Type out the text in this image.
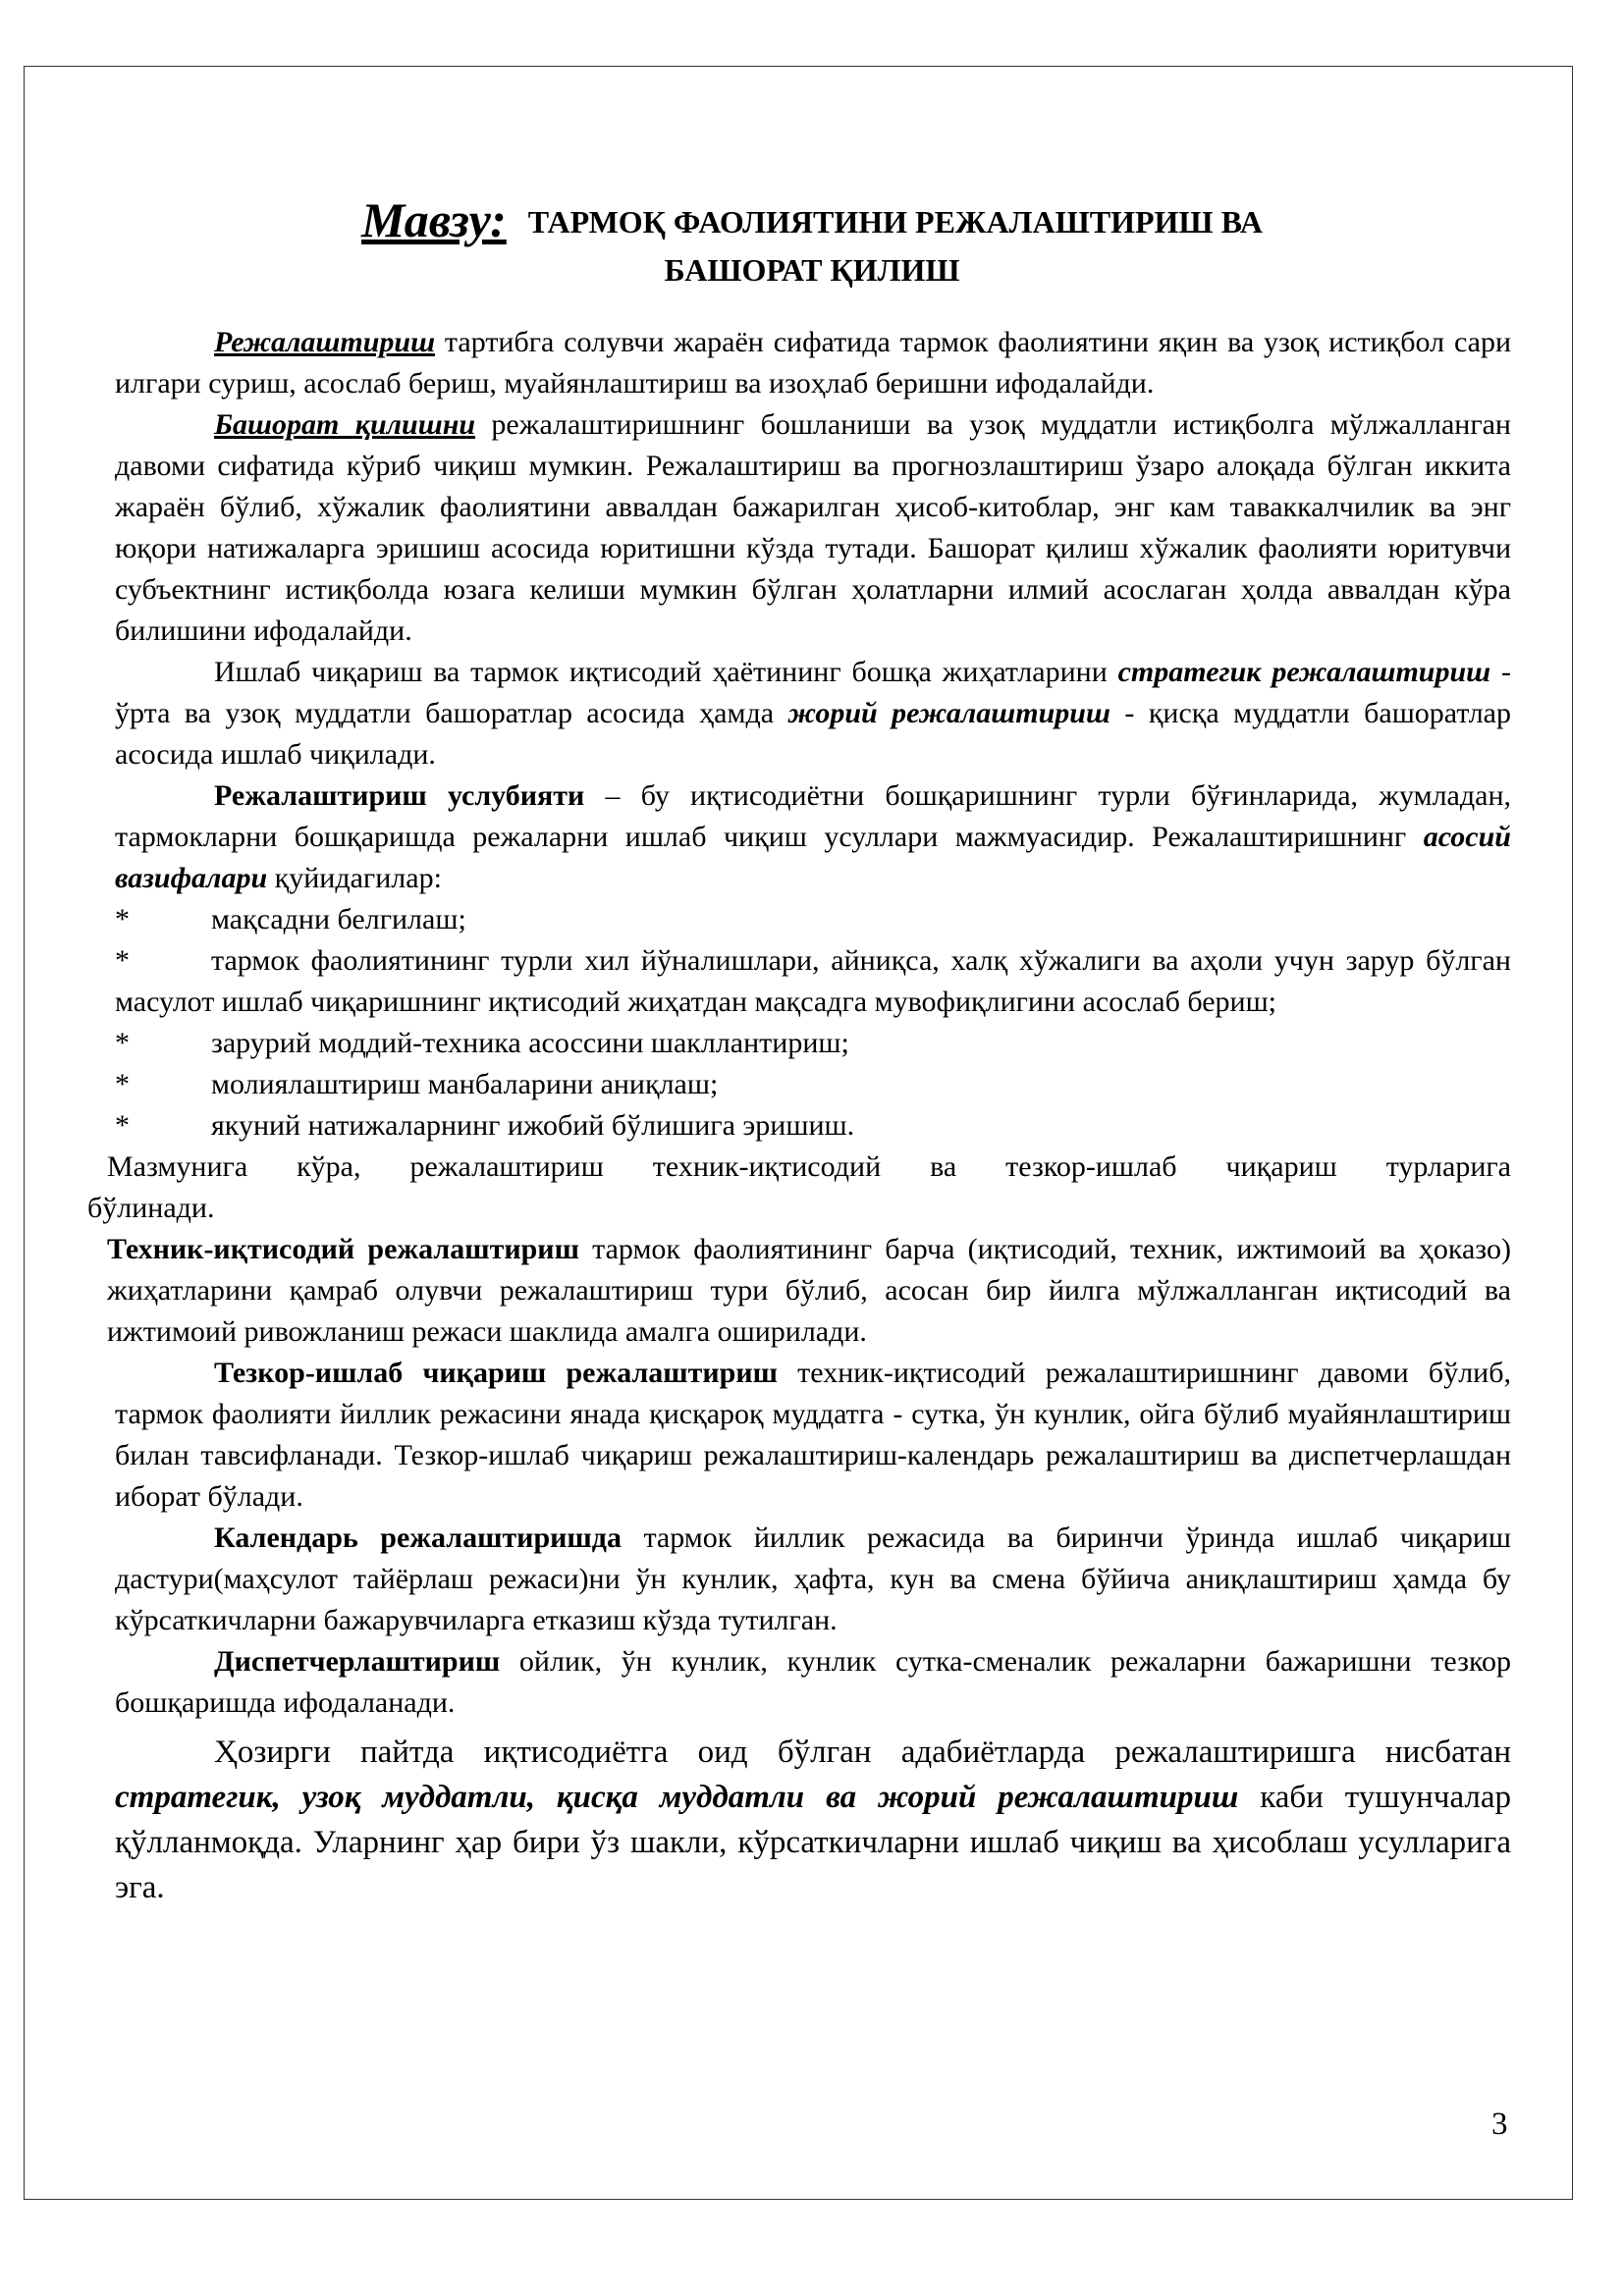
Мавзу: ТАРМОҚ ФАОЛИЯТИНИ РЕЖАЛАШТИРИШ ВА
БАШОРАТ ҚИЛИШ

Режалаштириш тартибга солувчи жараён сифатида тармок фаолиятини яқин ва узоқ истиқбол сари илгари суриш, асослаб бериш, муайянлаштириш ва изоҳлаб беришни ифодалайди.

Башорат қилишни режалаштиришнинг бошланиши ва узоқ муддатли истиқболга мўлжалланган давоми сифатида кўриб чиқиш мумкин. Режалаштириш ва прогнозлаштириш ўзаро алоқада бўлган иккита жараён бўлиб, хўжалик фаолиятини аввалдан бажарилган ҳисоб-китоблар, энг кам таваккалчилик ва энг юқори натижаларга эришиш асосида юритишни кўзда тутади. Башорат қилиш хўжалик фаолияти юритувчи субъектнинг истиқболда юзага келиши мумкин бўлган ҳолатларни илмий асослаган ҳолда аввалдан кўра билишини ифодалайди.

Ишлаб чиқариш ва тармок иқтисодий ҳаётининг бошқа жиҳатларини стратегик режалаштириш - ўрта ва узоқ муддатли башоратлар асосида ҳамда жорий режалаштириш - қисқа муддатли башоратлар асосида ишлаб чиқилади.

Режалаштириш услубияти – бу иқтисодиётни бошқаришнинг турли бўғинларида, жумладан, тармокларни бошқаришда режаларни ишлаб чиқиш усуллари мажмуасидир. Режалаштиришнинг асосий вазифалари қуйидагилар:

*	мақсадни белгилаш;

*	тармок фаолиятининг турли хил йўналишлари, айниқса, халқ хўжалиги ва аҳоли учун зарур бўлган масулот ишлаб чиқаришнинг иқтисодий жиҳатдан мақсадга мувофиқлигини асослаб бериш;

*	зарурий моддий-техника асоссини шакллантириш;
*	молиялаштириш манбаларини аниқлаш;
*	якуний натижаларнинг ижобий бўлишига эришиш.
Мазмунига кўра, режалаштириш техник-иқтисодий ва тезкор-ишлаб чиқариш турларига
бўлинади.

Техник-иқтисодий режалаштириш тармок фаолиятининг барча (иқтисодий, техник, ижтимоий ва ҳоказо) жиҳатларини қамраб олувчи режалаштириш тури бўлиб, асосан бир йилга мўлжалланган иқтисодий ва ижтимоий ривожланиш режаси шаклида амалга оширилади.

Тезкор-ишлаб чиқариш режалаштириш техник-иқтисодий режалаштиришнинг давоми бўлиб, тармок фаолияти йиллик режасини янада қисқароқ муддатга - сутка, ўн кунлик, ойга бўлиб муайянлаштириш билан тавсифланади. Тезкор-ишлаб чиқариш режалаштириш-календарь режалаштириш ва диспетчерлашдан иборат бўлади.

Календарь режалаштиришда тармок йиллик режасида ва биринчи ўринда ишлаб чиқариш дастури(маҳсулот тайёрлаш режаси)ни ўн кунлик, ҳафта, кун ва смена бўйича аниқлаштириш ҳамда бу кўрсаткичларни бажарувчиларга етказиш кўзда тутилган.

Диспетчерлаштириш ойлик, ўн кунлик, кунлик сутка-сменалик режаларни бажаришни тезкор бошқаришда ифодаланади.

Ҳозирги пайтда иқтисодиётга оид бўлган адабиётларда режалаштиришга нисбатан стратегик, узоқ муддатли, қисқа муддатли ва жорий режалаштириш каби тушунчалар қўлланмоқда. Уларнинг ҳар бири ўз шакли, кўрсаткичларни ишлаб чиқиш ва ҳисоблаш усулларига эга.

3
